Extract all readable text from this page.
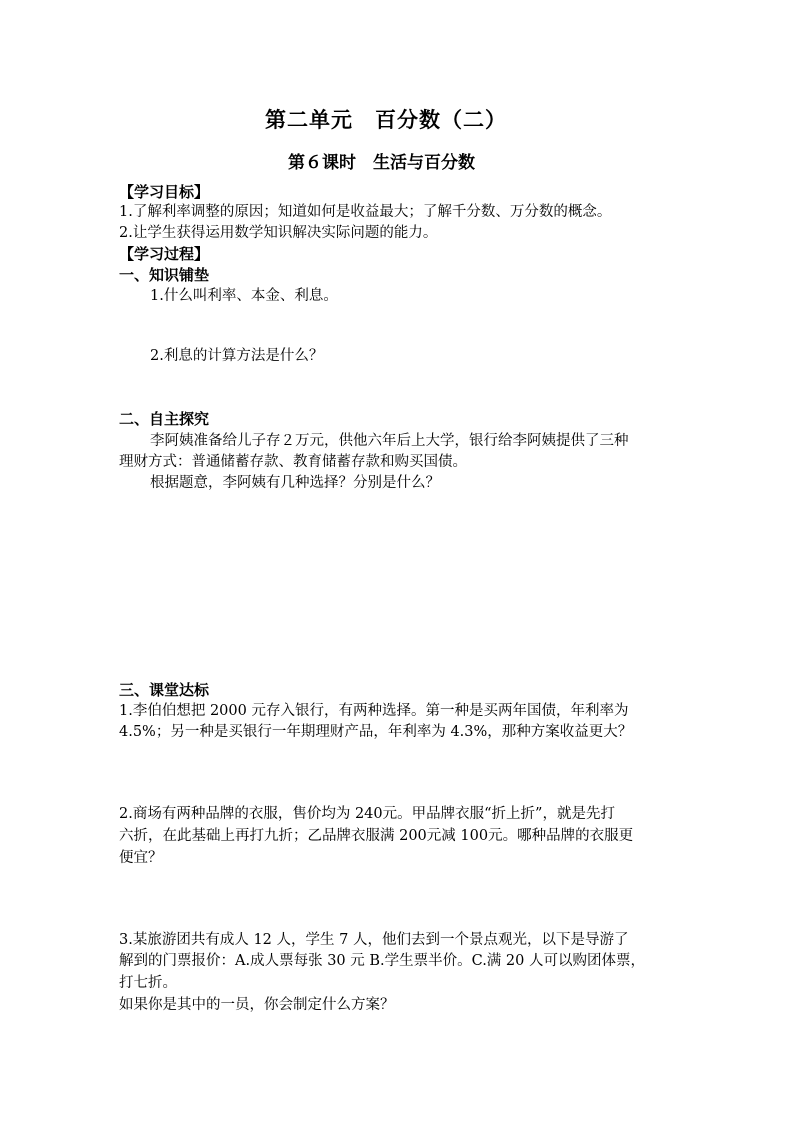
第二单元　百分数（二）
第６课时　生活与百分数
【学习目标】
1.了解利率调整的原因；知道如何是收益最大；了解千分数、万分数的概念。
2.让学生获得运用数学知识解决实际问题的能力。
【学习过程】
一、知识铺垫
1.什么叫利率、本金、利息。
2.利息的计算方法是什么？
二、自主探究
李阿姨准备给儿子存２万元，供他六年后上大学，银行给李阿姨提供了三种
理财方式：普通储蓄存款、教育储蓄存款和购买国债。
根据题意，李阿姨有几种选择？分别是什么？
三、课堂达标
1.李伯伯想把 2000 元存入银行，有两种选择。第一种是买两年国债，年利率为
4.5%；另一种是买银行一年期理财产品，年利率为 4.3%，那种方案收益更大？
2.商场有两种品牌的衣服，售价均为 240元。甲品牌衣服“折上折”，就是先打
六折，在此基础上再打九折；乙品牌衣服满 200元减 100元。哪种品牌的衣服更
便宜？
3.某旅游团共有成人 12 人，学生 7 人，他们去到一个景点观光，以下是导游了
解到的门票报价：A.成人票每张 30 元 B.学生票半价。C.满 20 人可以购团体票，
打七折。
如果你是其中的一员，你会制定什么方案？
